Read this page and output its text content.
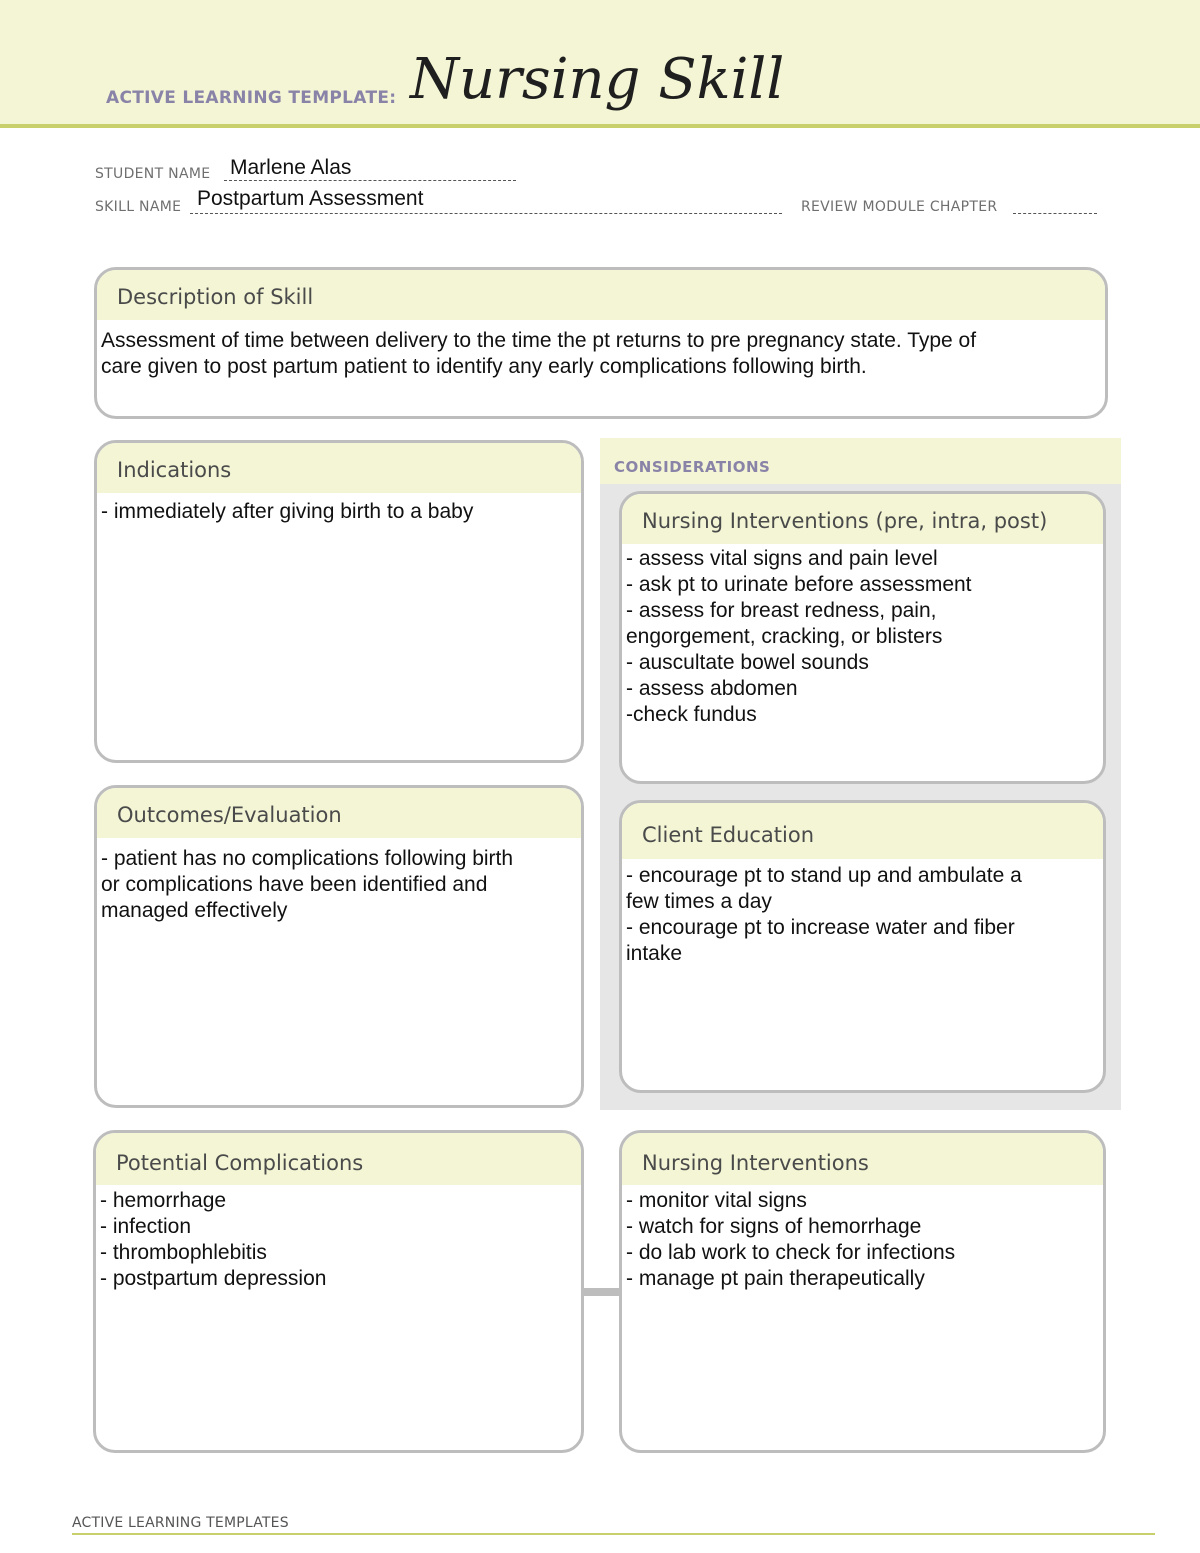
ACTIVE LEARNING TEMPLATE: Nursing Skill
STUDENT NAME Marlene Alas
SKILL NAME Postpartum Assessment	REVIEW MODULE CHAPTER
Description of Skill
Assessment of time between delivery to the time the pt returns to pre pregnancy state. Type of
care given to post partum patient to identify any early complications following birth.
Indications
- immediately after giving birth to a baby
Outcomes/Evaluation
- patient has no complications following birth
or complications have been identified and
managed effectively
CONSIDERATIONS
Nursing Interventions (pre, intra, post)
- assess vital signs and pain level
- ask pt to urinate before assessment
- assess for breast redness, pain,
engorgement, cracking, or blisters
- auscultate bowel sounds
- assess abdomen
-check fundus
Client Education
- encourage pt to stand up and ambulate a
few times a day
- encourage pt to increase water and fiber
intake
Potential Complications
- hemorrhage
- infection
- thrombophlebitis
- postpartum depression
Nursing Interventions
- monitor vital signs
- watch for signs of hemorrhage
- do lab work to check for infections
- manage pt pain therapeutically
ACTIVE LEARNING TEMPLATES
